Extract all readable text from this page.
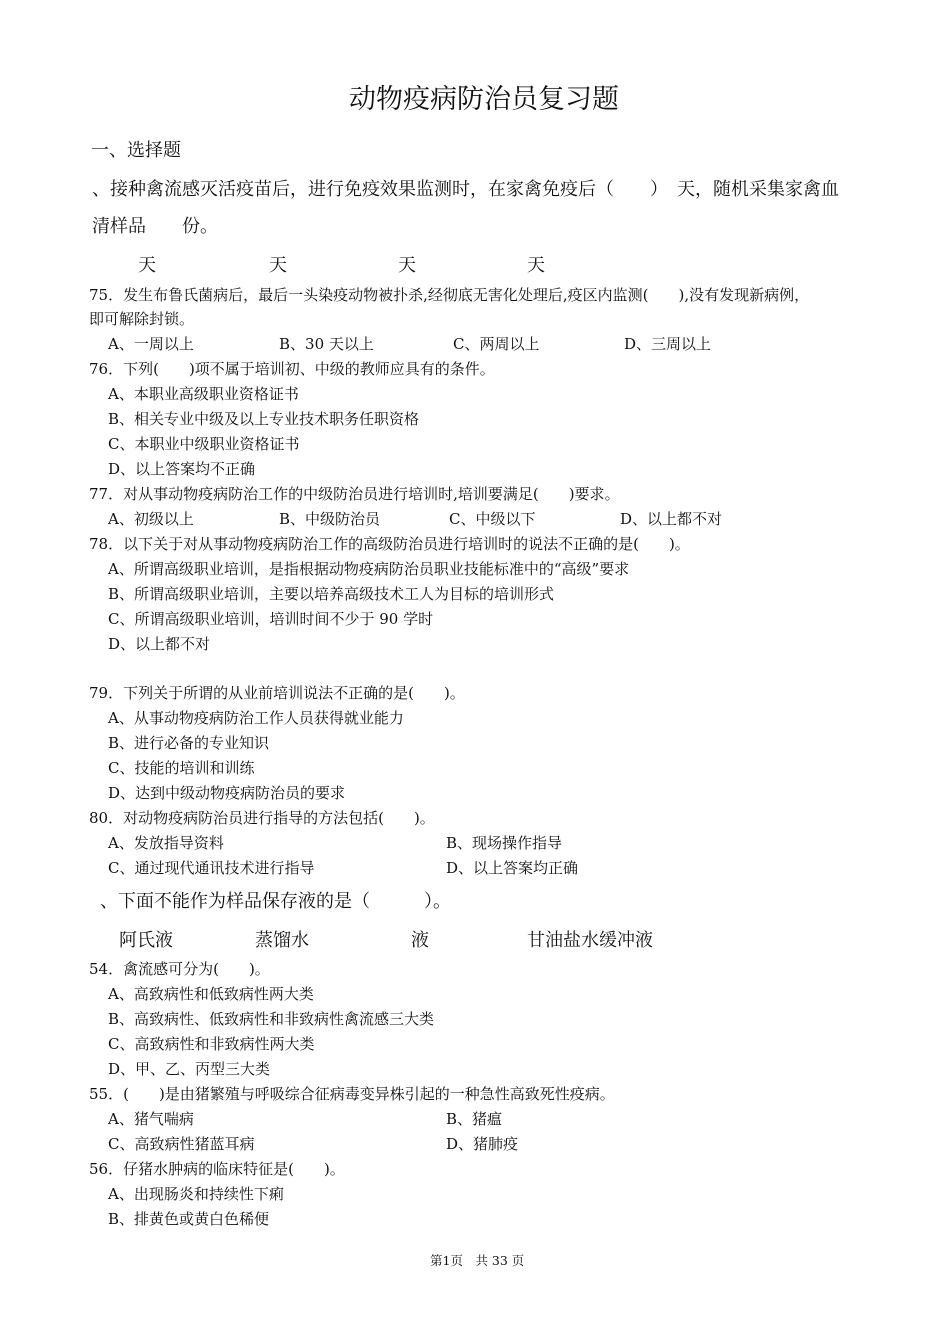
动物疫病防治员复习题
一、选择题
、接种禽流感灭活疫苗后，进行免疫效果监测时，在家禽免疫后（　　）　天，随机采集家禽血
清样品　　份。
天	天	天	天
75．发生布鲁氏菌病后，最后一头染疫动物被扑杀,经彻底无害化处理后,疫区内监测(　　),没有发现新病例，
即可解除封锁。
A、一周以上	B、30 天以上	C、两周以上	D、三周以上
76．下列(　　)项不属于培训初、中级的教师应具有的条件。
A、本职业高级职业资格证书
B、相关专业中级及以上专业技术职务任职资格
C、本职业中级职业资格证书
D、以上答案均不正确
77．对从事动物疫病防治工作的中级防治员进行培训时,培训要满足(　　)要求。
A、初级以上	B、中级防治员	C、中级以下	D、以上都不对
78．以下关于对从事动物疫病防治工作的高级防治员进行培训时的说法不正确的是(　　)。
A、所谓高级职业培训，是指根据动物疫病防治员职业技能标准中的“高级”要求
B、所谓高级职业培训，主要以培养高级技术工人为目标的培训形式
C、所谓高级职业培训，培训时间不少于 90 学时
D、以上都不对
79．下列关于所谓的从业前培训说法不正确的是(　　)。
A、从事动物疫病防治工作人员获得就业能力
B、进行必备的专业知识
C、技能的培训和训练
D、达到中级动物疫病防治员的要求
80．对动物疫病防治员进行指导的方法包括(　　)。
A、发放指导资料	B、现场操作指导
C、通过现代通讯技术进行指导	D、以上答案均正确
、下面不能作为样品保存液的是（　　　）。
阿氏液	蒸馏水	液	甘油盐水缓冲液
54．禽流感可分为(　　)。
A、高致病性和低致病性两大类
B、高致病性、低致病性和非致病性禽流感三大类
C、高致病性和非致病性两大类
D、甲、乙、丙型三大类
55．(　　)是由猪繁殖与呼吸综合征病毒变异株引起的一种急性高致死性疫病。
A、猪气喘病	B、猪瘟
C、高致病性猪蓝耳病	D、猪肺疫
56．仔猪水肿病的临床特征是(　　)。
A、出现肠炎和持续性下痢
B、排黄色或黄白色稀便
第1页　共 33 页
